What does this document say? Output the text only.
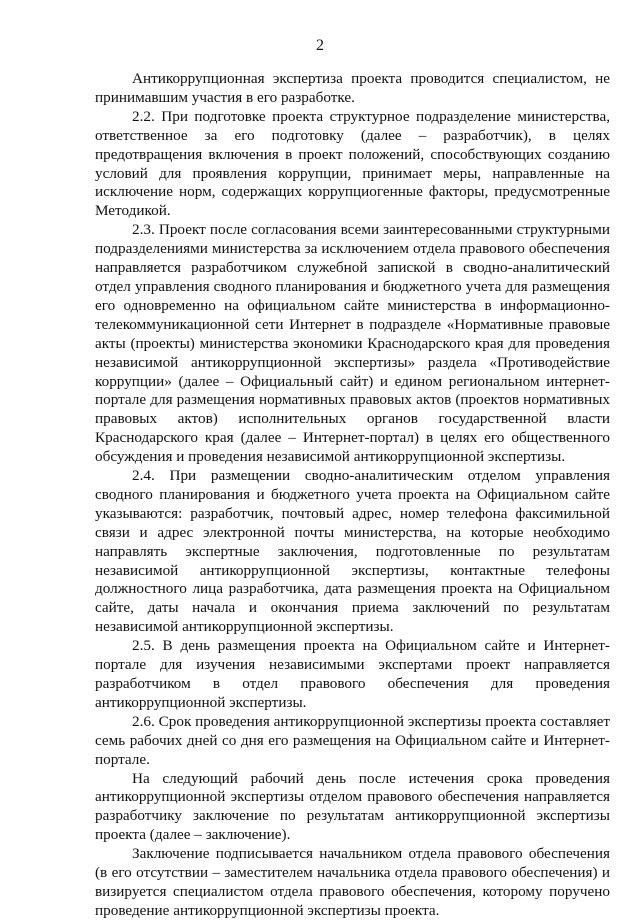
2

Антикоррупционная экспертиза проекта проводится специалистом, не принимавшим участия в его разработке.

2.2. При подготовке проекта структурное подразделение министерства, ответственное за его подготовку (далее – разработчик), в целях предотвращения включения в проект положений, способствующих созданию условий для проявления коррупции, принимает меры, направленные на исключение норм, содержащих коррупциогенные факторы, предусмотренные Методикой.

2.3. Проект после согласования всеми заинтересованными структурными подразделениями министерства за исключением отдела правового обеспечения направляется разработчиком служебной запиской в сводно-аналитический отдел управления сводного планирования и бюджетного учета для размещения его одновременно на официальном сайте министерства в информационно-телекоммуникационной сети Интернет в подразделе «Нормативные правовые акты (проекты) министерства экономики Краснодарского края для проведения независимой антикоррупционной экспертизы» раздела «Противодействие коррупции» (далее – Официальный сайт) и едином региональном интернет-портале для размещения нормативных правовых актов (проектов нормативных правовых актов) исполнительных органов государственной власти Краснодарского края (далее – Интернет-портал) в целях его общественного обсуждения и проведения независимой антикоррупционной экспертизы.

2.4. При размещении сводно-аналитическим отделом управления сводного планирования и бюджетного учета проекта на Официальном сайте указываются: разработчик, почтовый адрес, номер телефона факсимильной связи и адрес электронной почты министерства, на которые необходимо направлять экспертные заключения, подготовленные по результатам независимой антикоррупционной экспертизы, контактные телефоны должностного лица разработчика, дата размещения проекта на Официальном сайте, даты начала и окончания приема заключений по результатам независимой антикоррупционной экспертизы.

2.5. В день размещения проекта на Официальном сайте и Интернет-портале для изучения независимыми экспертами проект направляется разработчиком в отдел правового обеспечения для проведения антикоррупционной экспертизы.

2.6. Срок проведения антикоррупционной экспертизы проекта составляет семь рабочих дней со дня его размещения на Официальном сайте и Интернет-портале.

На следующий рабочий день после истечения срока проведения антикоррупционной экспертизы отделом правового обеспечения направляется разработчику заключение по результатам антикоррупционной экспертизы проекта (далее – заключение).

Заключение подписывается начальником отдела правового обеспечения (в его отсутствии – заместителем начальника отдела правового обеспечения) и визируется специалистом отдела правового обеспечения, которому поручено проведение антикоррупционной экспертизы проекта.
